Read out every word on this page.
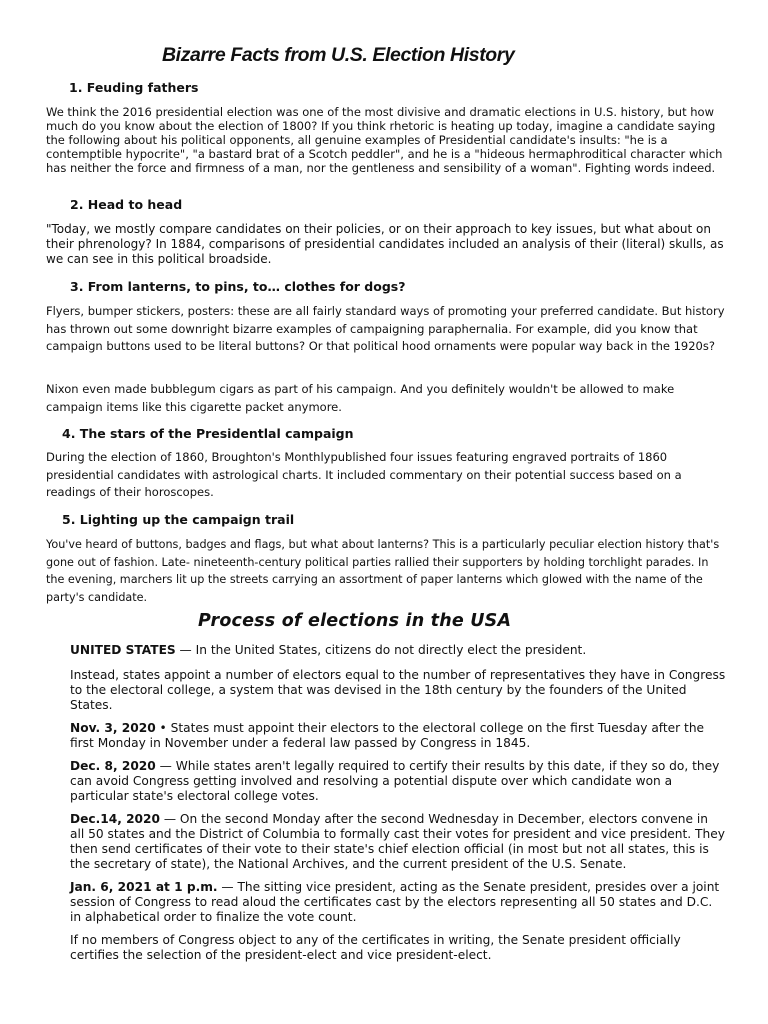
Bizarre Facts from U.S. Election History
1. Feuding fathers

We think the 2016 presidential election was one of the most divisive and dramatic elections in U.S. history, but how much do you know about the election of 1800? If you think rhetoric is heating up today, imagine a candidate saying the following about his political opponents, all genuine examples of Presidential candidate's insults: "he is a contemptible hypocrite", "a bastard brat of a Scotch peddler", and he is a "hideous hermaphroditical character which has neither the force and firmness of a man, nor the gentleness and sensibility of a woman". Fighting words indeed.

2. Head to head

"Today, we mostly compare candidates on their policies, or on their approach to key issues, but what about on their phrenology? In 1884, comparisons of presidential candidates included an analysis of their (literal) skulls, as we can see in this political broadside.

3. From lanterns, to pins, to… clothes for dogs?

Flyers, bumper stickers, posters: these are all fairly standard ways of promoting your preferred candidate. But history has thrown out some downright bizarre examples of campaigning paraphernalia. For example, did you know that campaign buttons used to be literal buttons? Or that political hood ornaments were popular way back in the 1920s?

Nixon even made bubblegum cigars as part of his campaign. And you definitely wouldn't be allowed to make campaign items like this cigarette packet anymore.

4. The stars of the Presidentlal campaign

During the election of 1860, Broughton's Monthlypublished four issues featuring engraved portraits of 1860 presidential candidates with astrological charts. It included commentary on their potential success based on a readings of their horoscopes.

5. Lighting up the campaign trail

You've heard of buttons, badges and flags, but what about lanterns? This is a particularly peculiar election history that's gone out of fashion. Late- nineteenth-century political parties rallied their supporters by holding torchlight parades. In the evening, marchers lit up the streets carrying an assortment of paper lanterns which glowed with the name of the party's candidate.

Process of elections in the USA

UNITED STATES — In the United States, citizens do not directly elect the president.

Instead, states appoint a number of electors equal to the number of representatives they have in Congress to the electoral college, a system that was devised in the 18th century by the founders of the United States.

Nov. 3, 2020 • States must appoint their electors to the electoral college on the first Tuesday after the first Monday in November under a federal law passed by Congress in 1845.

Dec. 8, 2020 — While states aren't legally required to certify their results by this date, if they so do, they can avoid Congress getting involved and resolving a potential dispute over which candidate won a particular state's electoral college votes.

Dec.14, 2020 — On the second Monday after the second Wednesday in December, electors convene in all 50 states and the District of Columbia to formally cast their votes for president and vice president. They then send certificates of their vote to their state's chief election official (in most but not all states, this is the secretary of state), the National Archives, and the current president of the U.S. Senate.

Jan. 6, 2021 at 1 p.m. — The sitting vice president, acting as the Senate president, presides over a joint session of Congress to read aloud the certificates cast by the electors representing all 50 states and D.C. in alphabetical order to finalize the vote count.

If no members of Congress object to any of the certificates in writing, the Senate president officially certifies the selection of the president-elect and vice president-elect.
